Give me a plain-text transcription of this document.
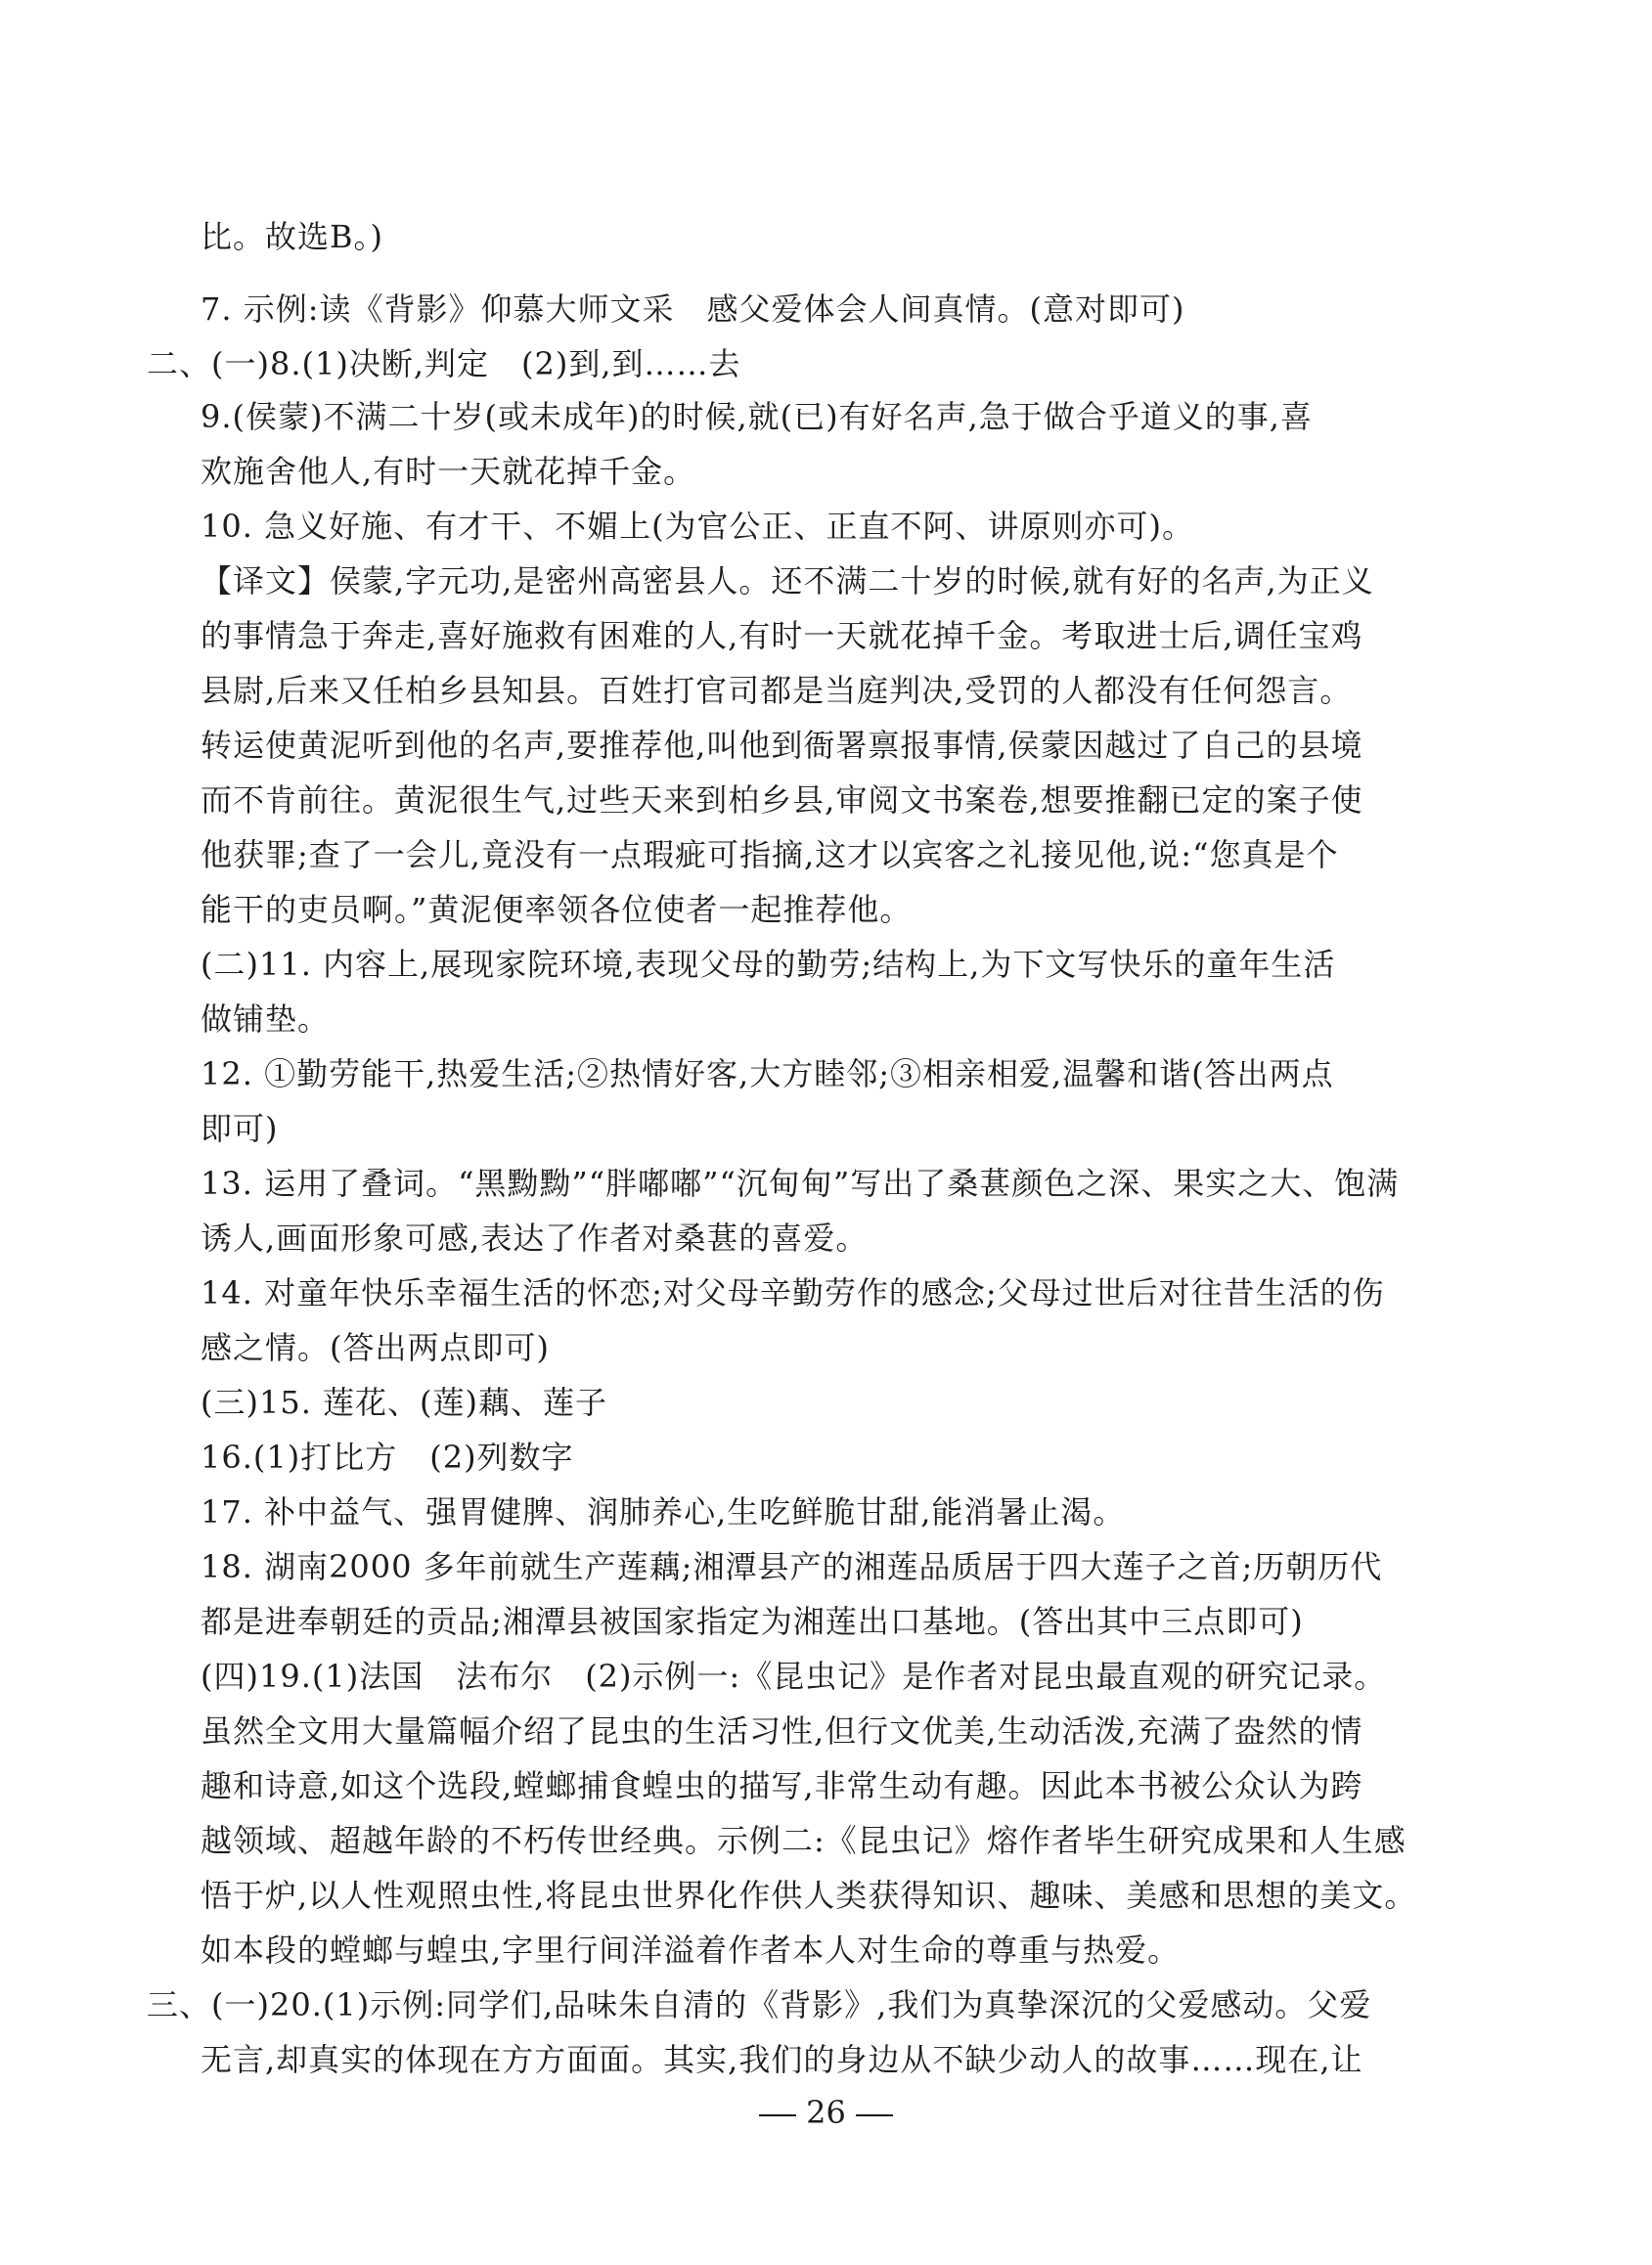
比。故选B。)
7. 示例:读《背影》仰慕大师文采　感父爱体会人间真情。(意对即可)
二、(一)8.(1)决断,判定　(2)到,到……去
9.(侯蒙)不满二十岁(或未成年)的时候,就(已)有好名声,急于做合乎道义的事,喜
欢施舍他人,有时一天就花掉千金。
10. 急义好施、有才干、不媚上(为官公正、正直不阿、讲原则亦可)。
【译文】侯蒙,字元功,是密州高密县人。还不满二十岁的时候,就有好的名声,为正义
的事情急于奔走,喜好施救有困难的人,有时一天就花掉千金。考取进士后,调任宝鸡
县尉,后来又任柏乡县知县。百姓打官司都是当庭判决,受罚的人都没有任何怨言。
转运使黄泥听到他的名声,要推荐他,叫他到衙署禀报事情,侯蒙因越过了自己的县境
而不肯前往。黄泥很生气,过些天来到柏乡县,审阅文书案卷,想要推翻已定的案子使
他获罪;查了一会儿,竟没有一点瑕疵可指摘,这才以宾客之礼接见他,说:“您真是个
能干的吏员啊。”黄泥便率领各位使者一起推荐他。
(二)11. 内容上,展现家院环境,表现父母的勤劳;结构上,为下文写快乐的童年生活
做铺垫。
12. ①勤劳能干,热爱生活;②热情好客,大方睦邻;③相亲相爱,温馨和谐(答出两点
即可)
13. 运用了叠词。“黑黝黝”“胖嘟嘟”“沉甸甸”写出了桑葚颜色之深、果实之大、饱满
诱人,画面形象可感,表达了作者对桑葚的喜爱。
14. 对童年快乐幸福生活的怀恋;对父母辛勤劳作的感念;父母过世后对往昔生活的伤
感之情。(答出两点即可)
(三)15. 莲花、(莲)藕、莲子
16.(1)打比方　(2)列数字
17. 补中益气、强胃健脾、润肺养心,生吃鲜脆甘甜,能消暑止渴。
18. 湖南2000 多年前就生产莲藕;湘潭县产的湘莲品质居于四大莲子之首;历朝历代
都是进奉朝廷的贡品;湘潭县被国家指定为湘莲出口基地。(答出其中三点即可)
(四)19.(1)法国　法布尔　(2)示例一:《昆虫记》是作者对昆虫最直观的研究记录。
虽然全文用大量篇幅介绍了昆虫的生活习性,但行文优美,生动活泼,充满了盎然的情
趣和诗意,如这个选段,螳螂捕食蝗虫的描写,非常生动有趣。因此本书被公众认为跨
越领域、超越年龄的不朽传世经典。示例二:《昆虫记》熔作者毕生研究成果和人生感
悟于炉,以人性观照虫性,将昆虫世界化作供人类获得知识、趣味、美感和思想的美文。
如本段的螳螂与蝗虫,字里行间洋溢着作者本人对生命的尊重与热爱。
三、(一)20.(1)示例:同学们,品味朱自清的《背影》,我们为真挚深沉的父爱感动。父爱
无言,却真实的体现在方方面面。其实,我们的身边从不缺少动人的故事……现在,让
26
